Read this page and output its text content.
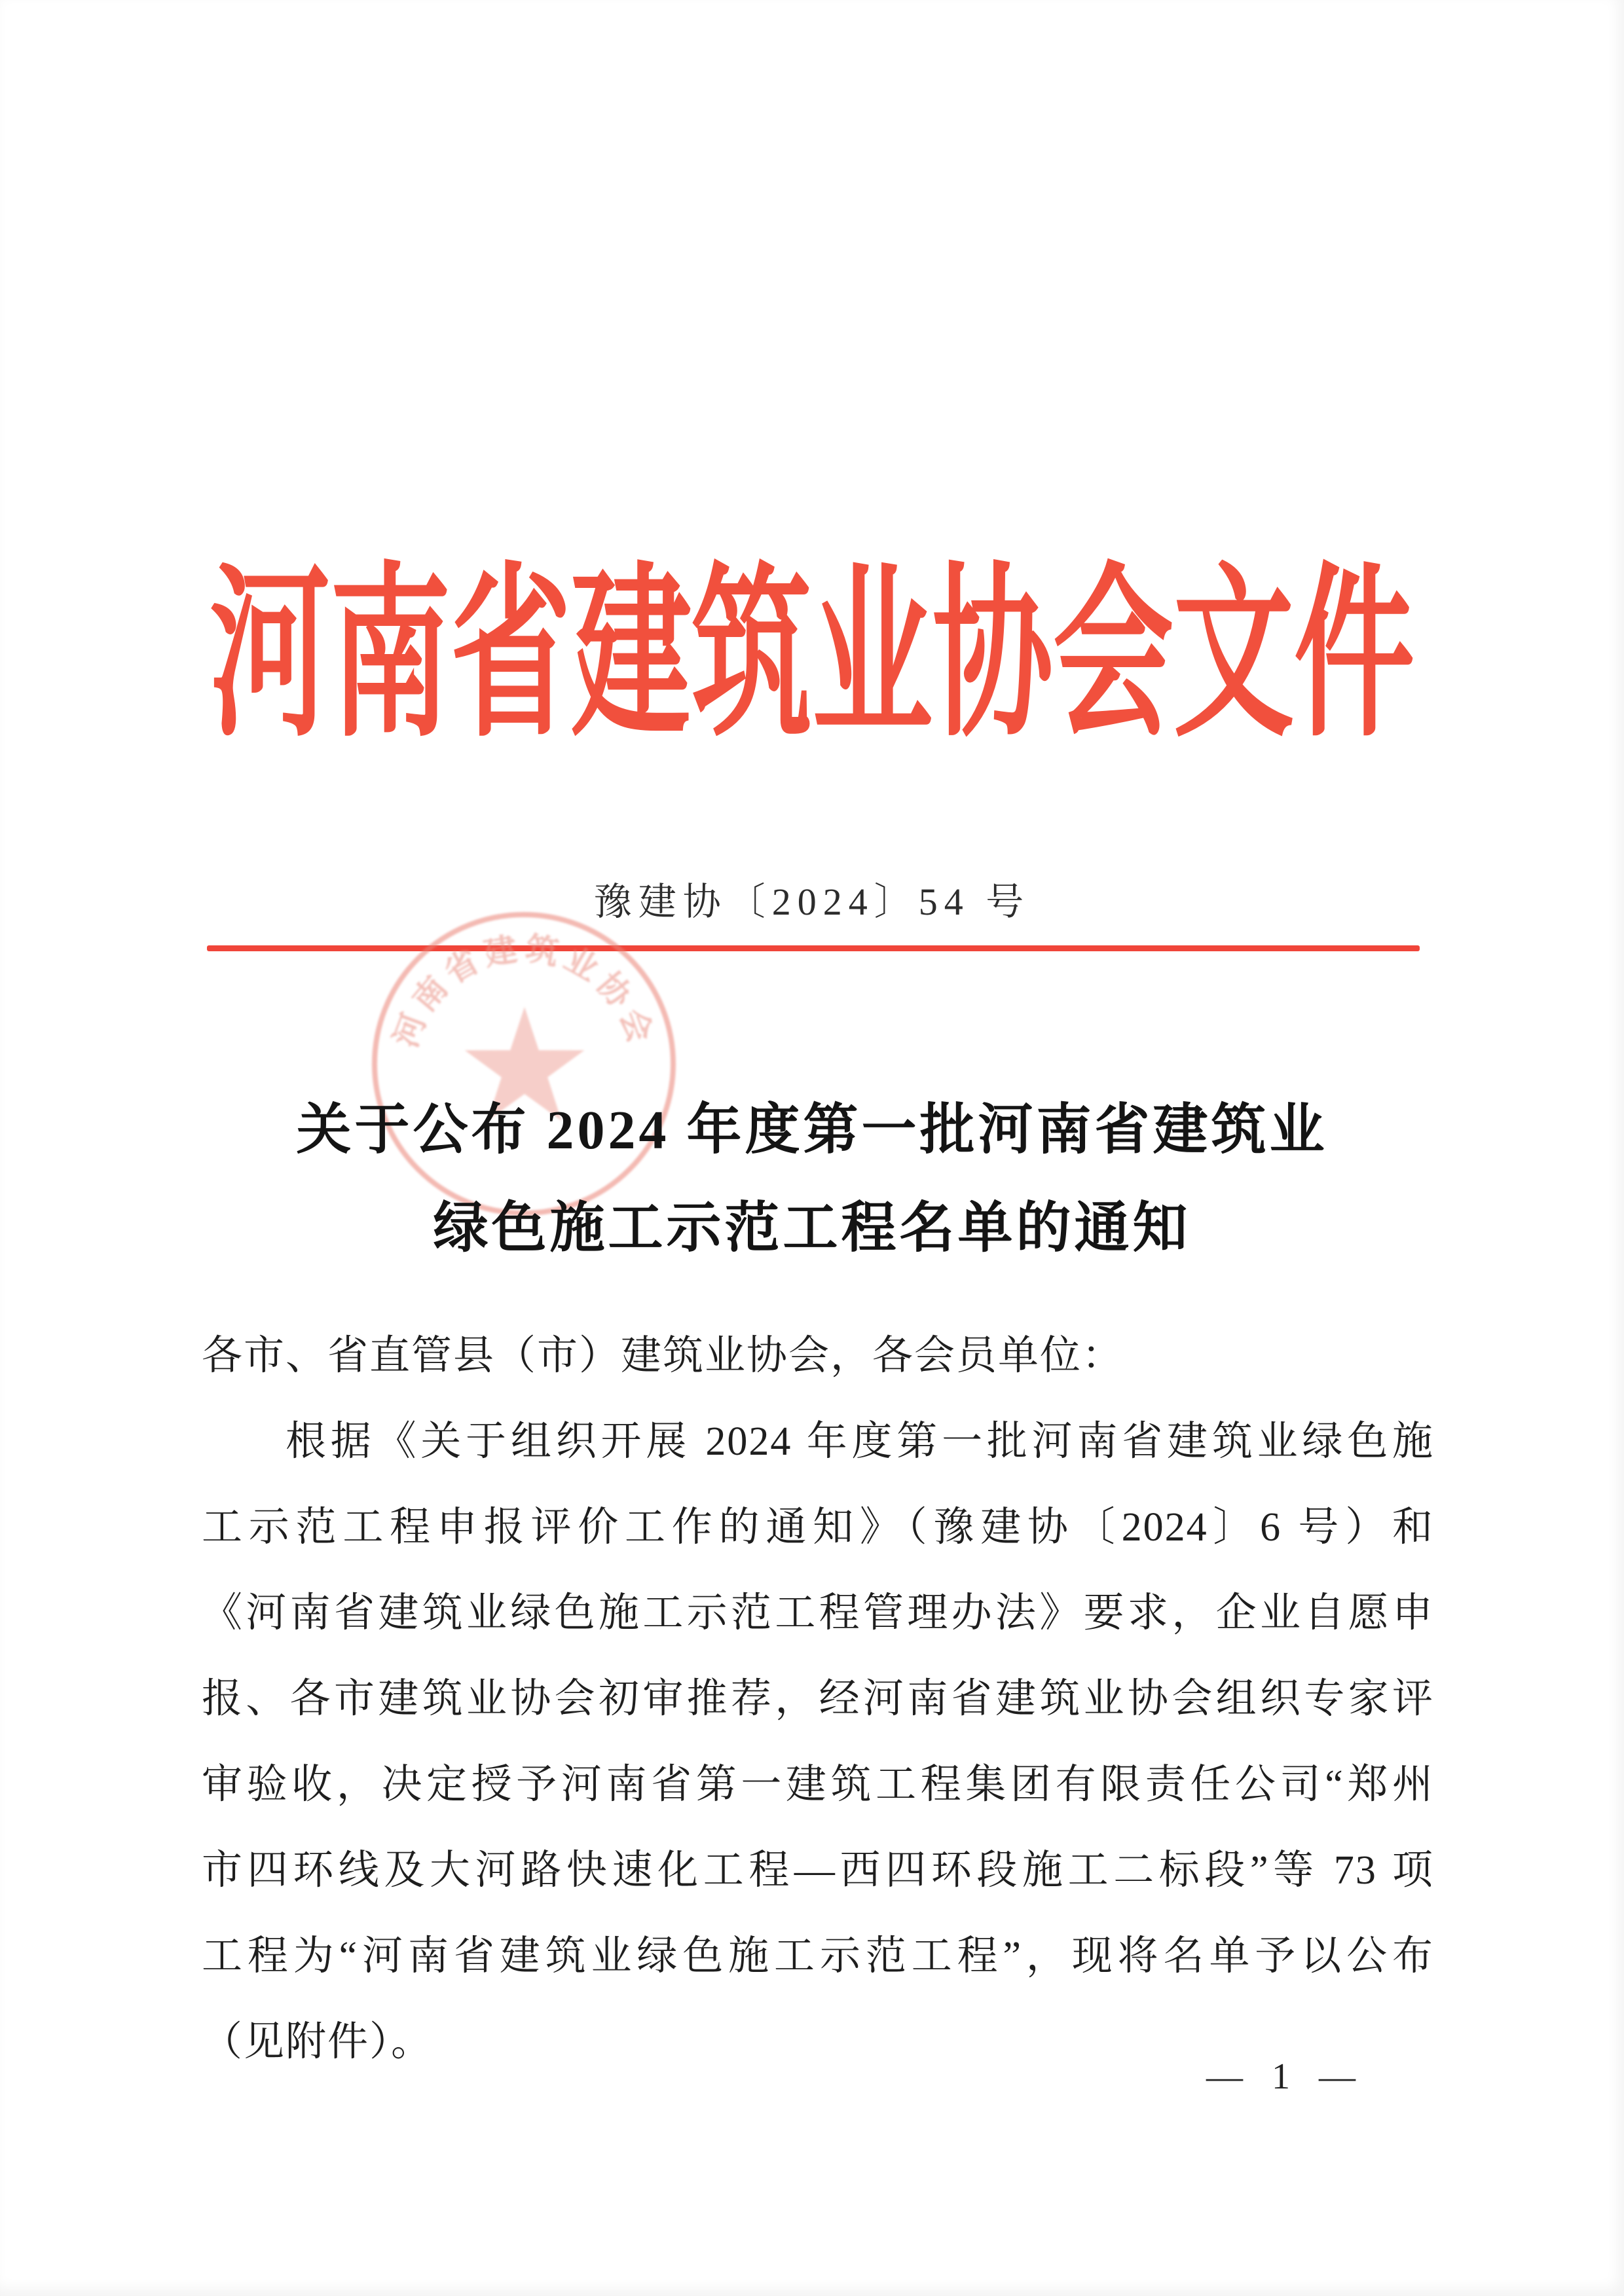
河南省建筑业协会文件
豫建协〔2024〕54 号
河南省建筑业协会
关于公布 2024 年度第一批河南省建筑业
绿色施工示范工程名单的通知
各市、省直管县（市）建筑业协会，各会员单位：
根据《关于组织开展 2024 年度第一批河南省建筑业绿色施
工示范工程申报评价工作的通知》（豫建协〔2024〕6 号）和
《河南省建筑业绿色施工示范工程管理办法》要求，企业自愿申
报、各市建筑业协会初审推荐，经河南省建筑业协会组织专家评
审验收，决定授予河南省第一建筑工程集团有限责任公司“郑州
市四环线及大河路快速化工程—西四环段施工二标段”等 73 项
工程为“河南省建筑业绿色施工示范工程”，现将名单予以公布
（见附件）。
— 1 —
